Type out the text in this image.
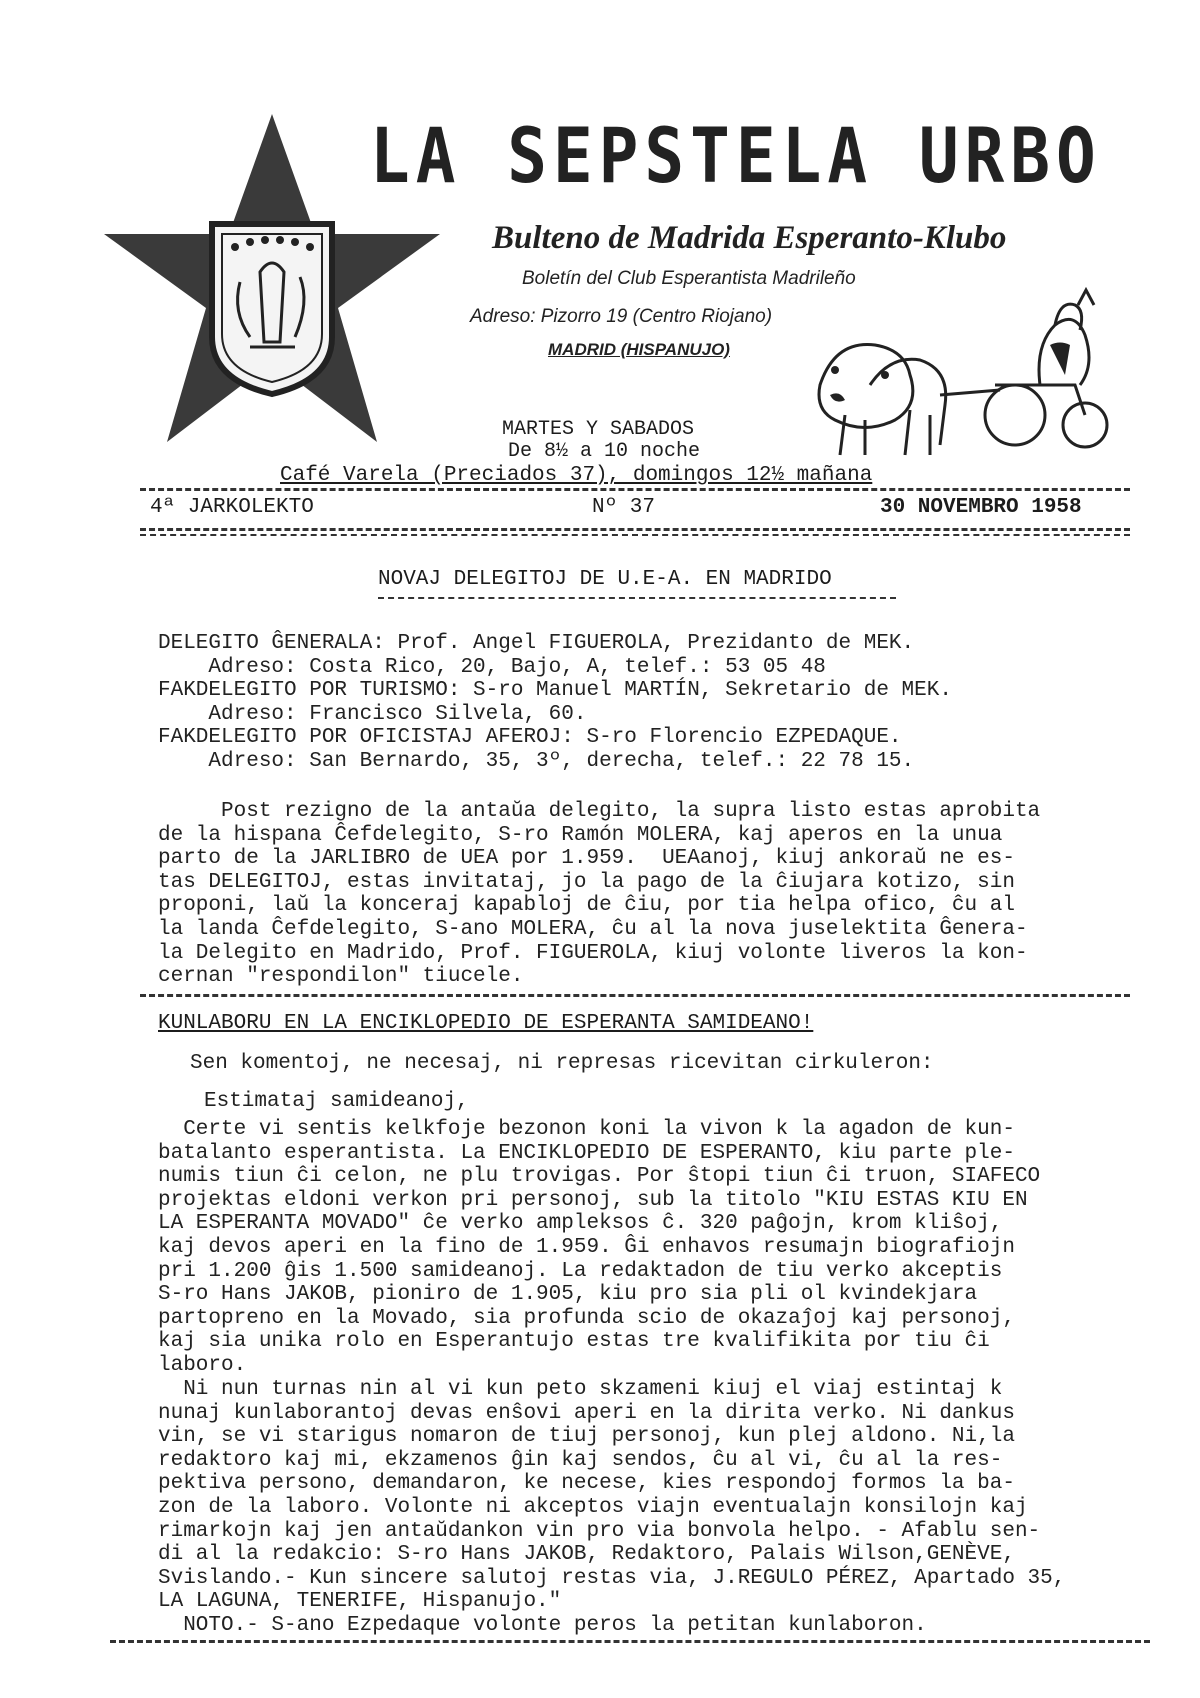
LA SEPSTELA URBO
Bulteno de Madrida Esperanto-Klubo
Boletín del Club Esperantista Madrileño
Adreso: Pizorro 19 (Centro Riojano)
MADRID (HISPANUJO)
MARTES Y SABADOS
De 8½ a 10 noche
Café Varela (Preciados 37), domingos 12½ mañana
4ª JARKOLEKTO	Nº 37	30 NOVEMBRO 1958
NOVAJ DELEGITOJ DE U.E-A. EN MADRIDO
DELEGITO ĜENERALA: Prof. Angel FIGUEROLA, Prezidanto de MEK.
Adreso: Costa Rico, 20, Bajo, A, telef.: 53 05 48
FAKDELEGITO POR TURISMO: S-ro Manuel MARTÍN, Sekretario de MEK.
Adreso: Francisco Silvela, 60.
FAKDELEGITO POR OFICISTAJ AFEROJ: S-ro Florencio EZPEDAQUE.
Adreso: San Bernardo, 35, 3º, derecha, telef.: 22 78 15.
Post rezigno de la antaŭa delegito, la supra listo estas aprobita
de la hispana Ĉefdelegito, S-ro Ramón MOLERA, kaj aperos en la unua
parto de la JARLIBRO de UEA por 1.959.  UEAanoj, kiuj ankoraŭ ne es-
tas DELEGITOJ, estas invitataj, jo la pago de la ĉiujara kotizo, sin
proponi, laŭ la konceraj kapabloj de ĉiu, por tia helpa ofico, ĉu al
la landa Ĉefdelegito, S-ano MOLERA, ĉu al la nova juselektita Ĝenera-
la Delegito en Madrido, Prof. FIGUEROLA, kiuj volonte liveros la kon-
cernan "respondilon" tiucele.
KUNLABORU EN LA ENCIKLOPEDIO DE ESPERANTA SAMIDEANO!
Sen komentoj, ne necesaj, ni represas ricevitan cirkuleron:
Estimataj samideanoj,
Certe vi sentis kelkfoje bezonon koni la vivon k la agadon de kun-
batalanto esperantista. La ENCIKLOPEDIO DE ESPERANTO, kiu parte ple-
numis tiun ĉi celon, ne plu trovigas. Por ŝtopi tiun ĉi truon, SIAFECO
projektas eldoni verkon pri personoj, sub la titolo "KIU ESTAS KIU EN
LA ESPERANTA MOVADO" ĉe verko ampleksos ĉ. 320 paĝojn, krom kliŝoj,
kaj devos aperi en la fino de 1.959. Ĝi enhavos resumajn biografiojn
pri 1.200 ĝis 1.500 samideanoj. La redaktadon de tiu verko akceptis
S-ro Hans JAKOB, pioniro de 1.905, kiu pro sia pli ol kvindekjara
partopreno en la Movado, sia profunda scio de okazaĵoj kaj personoj,
kaj sia unika rolo en Esperantujo estas tre kvalifikita por tiu ĉi
laboro.
Ni nun turnas nin al vi kun peto skzameni kiuj el viaj estintaj k
nunaj kunlaborantoj devas enŝovi aperi en la dirita verko. Ni dankus
vin, se vi starigus nomaron de tiuj personoj, kun plej aldono. Ni,la
redaktoro kaj mi, ekzamenos ĝin kaj sendos, ĉu al vi, ĉu al la res-
pektiva persono, demandaron, ke necese, kies respondoj formos la ba-
zon de la laboro. Volonte ni akceptos viajn eventualajn konsilojn kaj
rimarkojn kaj jen antaŭdankon vin pro via bonvola helpo. - Afablu sen-
di al la redakcio: S-ro Hans JAKOB, Redaktoro, Palais Wilson,GENÈVE,
Svislando.- Kun sincere salutoj restas via, J.REGULO PÉREZ, Apartado 35,
LA LAGUNA, TENERIFE, Hispanujo."
NOTO.- S-ano Ezpedaque volonte peros la petitan kunlaboron.
